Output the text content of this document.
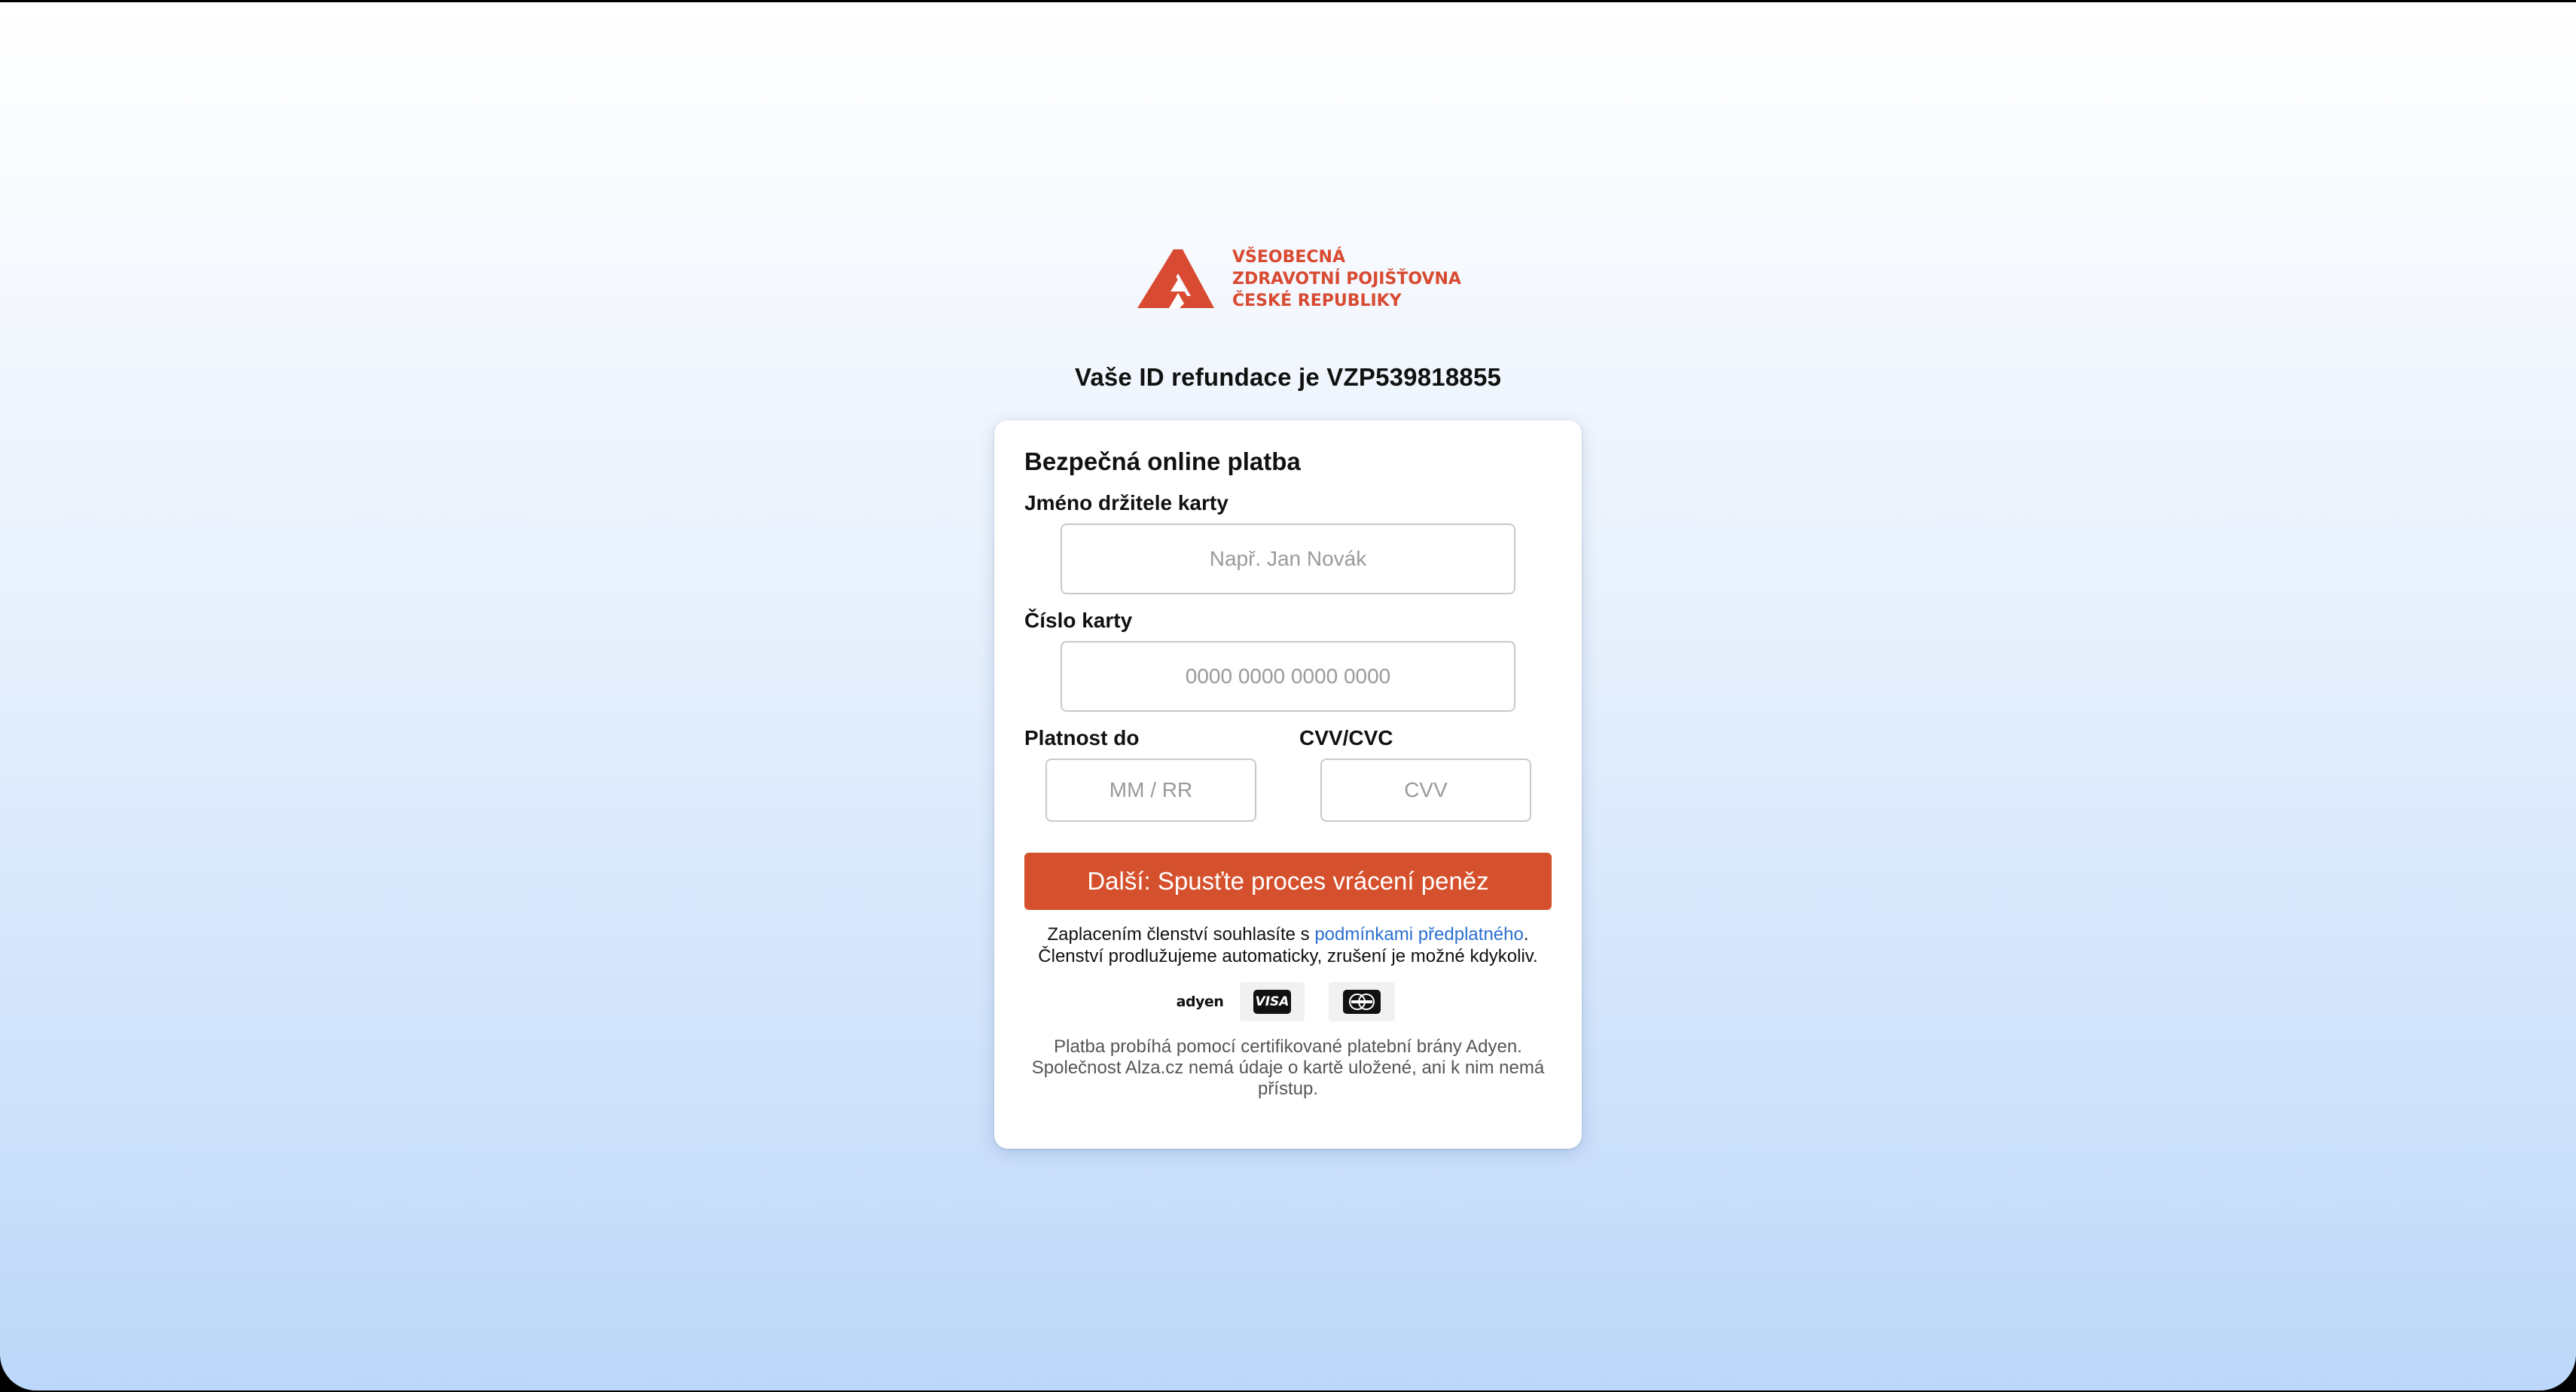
VŠEOBECNÁ
ZDRAVOTNÍ POJIŠŤOVNA
ČESKÉ REPUBLIKY
Vaše ID refundace je VZP539818855
Bezpečná online platba
Jméno držitele karty
Např. Jan Novák
Číslo karty
0000 0000 0000 0000
Platnost do
MM / RR	CVV/CVC
CVV
Další: Spusťte proces vrácení peněz
Zaplacením členství souhlasíte s podmínkami předplatného.
Členství prodlužujeme automaticky, zrušení je možné kdykoliv.
adyen	VISA
Platba probíhá pomocí certifikované platební brány Adyen. Společnost Alza.cz nemá údaje o kartě uložené, ani k nim nemá přístup.
